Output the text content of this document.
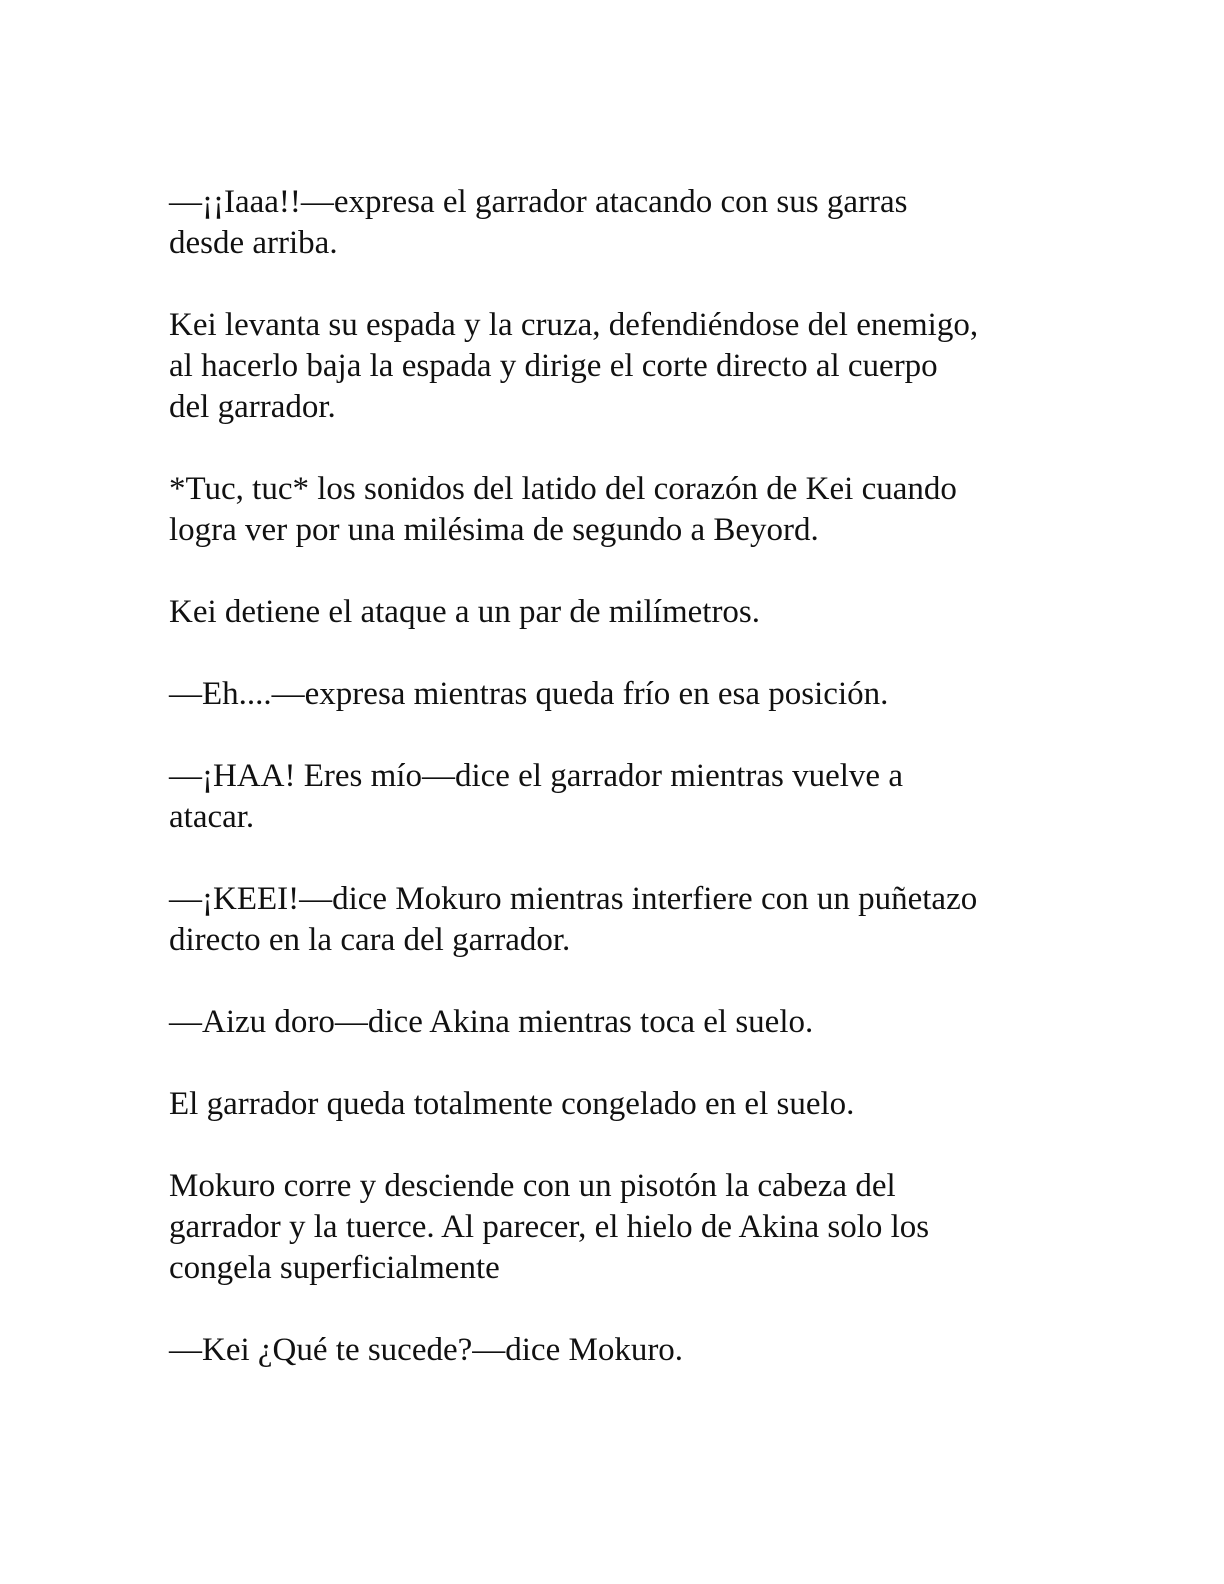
—¡¡Iaaa!!—expresa el garrador atacando con sus garras
desde arriba.

Kei levanta su espada y la cruza, defendiéndose del enemigo,
al hacerlo baja la espada y dirige el corte directo al cuerpo
del garrador.

*Tuc, tuc* los sonidos del latido del corazón de Kei cuando
logra ver por una milésima de segundo a Beyord.

Kei detiene el ataque a un par de milímetros.

—Eh....—expresa mientras queda frío en esa posición.

—¡HAA! Eres mío—dice el garrador mientras vuelve a
atacar.

—¡KEEI!—dice Mokuro mientras interfiere con un puñetazo
directo en la cara del garrador.

—Aizu doro—dice Akina mientras toca el suelo.

El garrador queda totalmente congelado en el suelo.

Mokuro corre y desciende con un pisotón la cabeza del
garrador y la tuerce. Al parecer, el hielo de Akina solo los
congela superficialmente

—Kei ¿Qué te sucede?—dice Mokuro.
